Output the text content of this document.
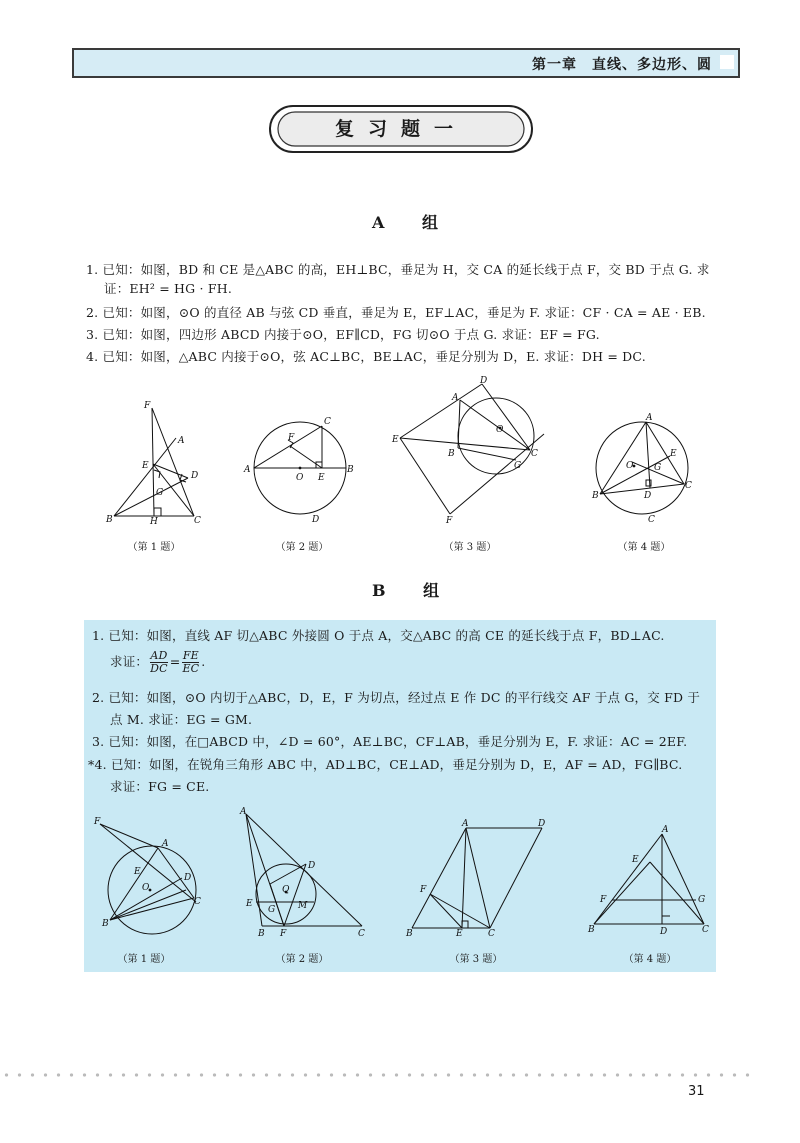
第一章　直线、多边形、圆
复习题一
A 组
1. 已知：如图，BD 和 CE 是△ABC 的高，EH⊥BC，垂足为 H，交 CA 的延长线于点 F，交 BD 于点 G. 求
证：EH² = HG · FH.
2. 已知：如图，⊙O 的直径 AB 与弦 CD 垂直，垂足为 E，EF⊥AC，垂足为 F. 求证：CF · CA = AE · EB.
3. 已知：如图，四边形 ABCD 内接于⊙O，EF∥CD，FG 切⊙O 于点 G. 求证：EF = FG.
4. 已知：如图，△ABC 内接于⊙O，弦 AC⊥BC，BE⊥AC，垂足分别为 D，E. 求证：DH = DC.
F
A
E
D
G
B	H	C
C
F
A
O E
B
D
D
A
O
E
B	C
G
F
A
O G
E
B	D
C
C
（第 1 题）	（第 2 题）	（第 3 题）	（第 4 题）
B 组
1. 已知：如图，直线 AF 切△ABC 外接圆 O 于点 A，交△ABC 的高 CE 的延长线于点 F，BD⊥AC.
求证： $\frac{AD}{DC} = \frac{FE}{EC}$ .
2. 已知：如图，⊙O 内切于△ABC，D，E，F 为切点，经过点 E 作 DC 的平行线交 AF 于点 G，交 FD 于
点 M. 求证：EG = GM.
3. 已知：如图，在□ABCD 中，∠D = 60°，AE⊥BC，CF⊥AB，垂足分别为 E，F. 求证：AC = 2EF.
*4. 已知：如图，在锐角三角形 ABC 中，AD⊥BC，CE⊥AD，垂足分别为 D，E，AF = AD，FG∥BC.
求证：FG = CE.
F
A
E
O
D
C
B
A
D
Q
E
G	M
B F	C
A	D
F
B	E	C
A
E
F	G
B	D	C
（第 1 题）	（第 2 题）	（第 3 题）	（第 4 题）
31
